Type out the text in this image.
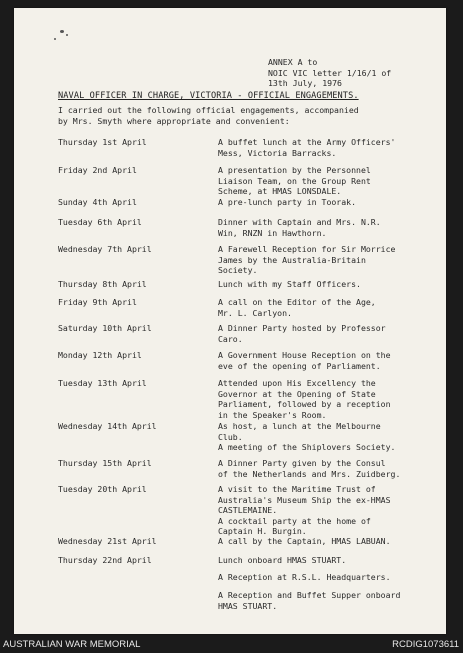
ANNEX A to
NOIC VIC letter 1/16/1 of
13th July, 1976
NAVAL OFFICER IN CHARGE, VICTORIA - OFFICIAL ENGAGEMENTS.
I carried out the following official engagements, accompanied
by Mrs. Smyth where appropriate and convenient:
Thursday 1st April	A buffet lunch at the Army Officers'
Mess, Victoria Barracks.
Friday 2nd April	A presentation by the Personnel
Liaison Team, on the Group Rent
Scheme, at HMAS LONSDALE.
Sunday 4th April	A pre-lunch party in Toorak.
Tuesday 6th April	Dinner with Captain and Mrs. N.R.
Win, RNZN in Hawthorn.
Wednesday 7th April	A Farewell Reception for Sir Morrice
James by the Australia-Britain
Society.
Thursday 8th April	Lunch with my Staff Officers.
Friday 9th April	A call on the Editor of the Age,
Mr. L. Carlyon.
Saturday 10th April	A Dinner Party hosted by Professor
Caro.
Monday 12th April	A Government House Reception on the
eve of the opening of Parliament.
Tuesday 13th April	Attended upon His Excellency the
Governor at the Opening of State
Parliament, followed by a reception
in the Speaker's Room.
Wednesday 14th April	As host, a lunch at the Melbourne
Club.
A meeting of the Shiplovers Society.
Thursday 15th April	A Dinner Party given by the Consul
of the Netherlands and Mrs. Zuidberg.
Tuesday 20th April	A visit to the Maritime Trust of
Australia's Museum Ship the ex-HMAS
CASTLEMAINE.
A cocktail party at the home of
Captain H. Burgin.
Wednesday 21st April	A call by the Captain, HMAS LABUAN.
Thursday 22nd April	Lunch onboard HMAS STUART.
A Reception at R.S.L. Headquarters.
A Reception and Buffet Supper onboard
HMAS STUART.
AUSTRALIAN WAR MEMORIAL	RCDIG1073611
